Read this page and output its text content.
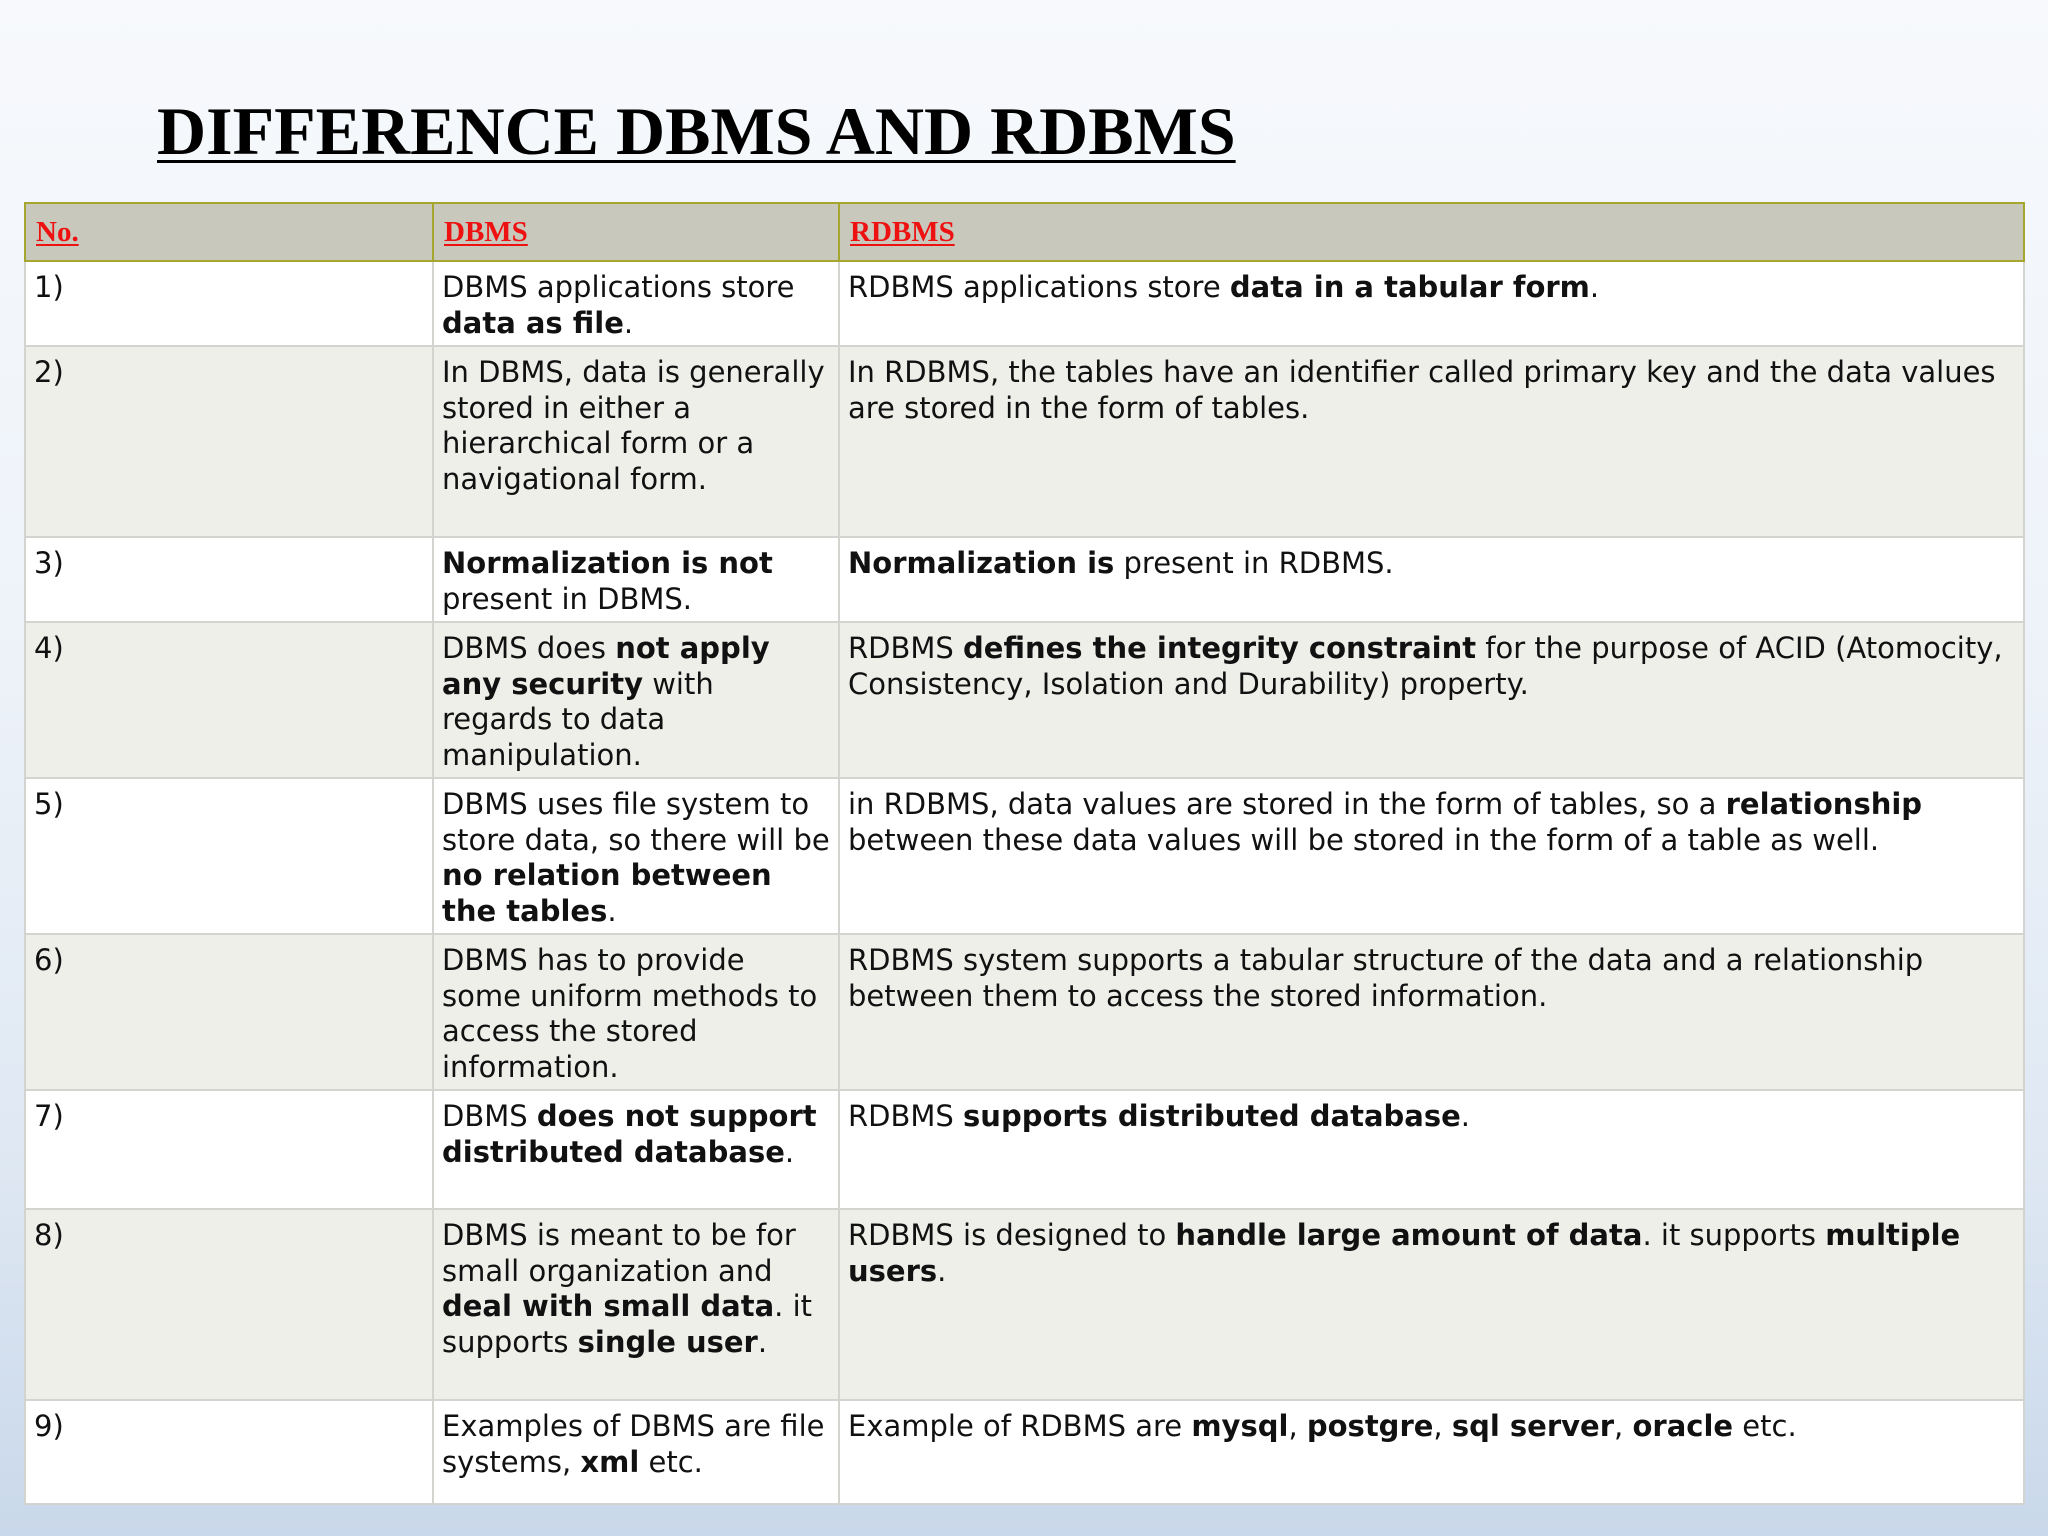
DIFFERENCE DBMS AND RDBMS
No.	DBMS	RDBMS
1)	DBMS applications store data as file.	RDBMS applications store data in a tabular form.
2)	In DBMS, data is generally stored in either a hierarchical form or a navigational form.	In RDBMS, the tables have an identifier called primary key and the data values are stored in the form of tables.
3)	Normalization is not present in DBMS.	Normalization is present in RDBMS.
4)	DBMS does not apply any security with regards to data manipulation.	RDBMS defines the integrity constraint for the purpose of ACID (Atomocity, Consistency, Isolation and Durability) property.
5)	DBMS uses file system to store data, so there will be no relation between the tables.	in RDBMS, data values are stored in the form of tables, so a relationship between these data values will be stored in the form of a table as well.
6)	DBMS has to provide some uniform methods to access the stored information.	RDBMS system supports a tabular structure of the data and a relationship between them to access the stored information.
7)	DBMS does not support distributed database.	RDBMS supports distributed database.
8)	DBMS is meant to be for small organization and deal with small data. it supports single user.	RDBMS is designed to handle large amount of data. it supports multiple users.
9)	Examples of DBMS are file systems, xml etc.	Example of RDBMS are mysql, postgre, sql server, oracle etc.
